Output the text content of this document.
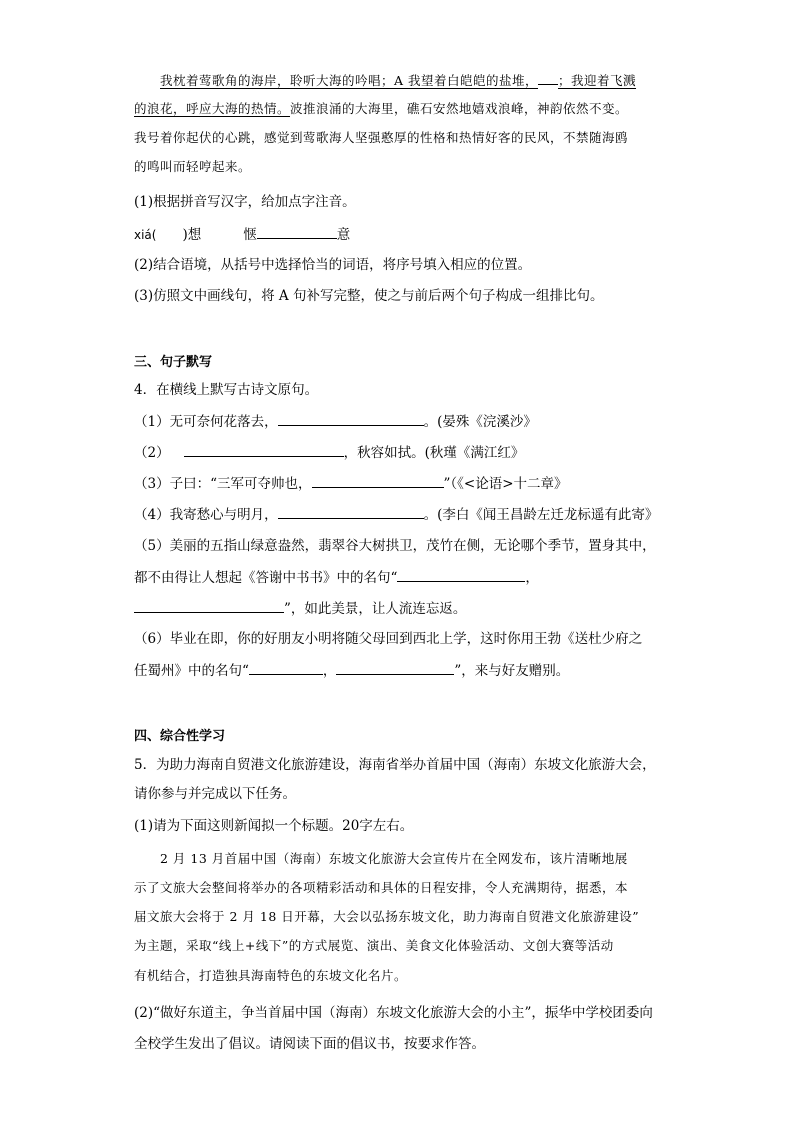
我枕着莺歌角的海岸，聆听大海的吟唱；A 我望着白皑皑的盐堆， ；我迎着飞溅
的浪花，呼应大海的热情。波推浪涌的大海里，礁石安然地嬉戏浪峰，神韵依然不变。
我号着你起伏的心跳，感觉到莺歌海人坚强憨厚的性格和热情好客的民风，不禁随海鸥
的鸣叫而轻哼起来。
(1)根据拼音写汉字，给加点字注音。
xiá( )想	惬	意
(2)结合语境，从括号中选择恰当的词语，将序号填入相应的位置。
(3)仿照文中画线句，将 A 句补写完整，使之与前后两个句子构成一组排比句。
三、句子默写
4．在横线上默写古诗文原句。
（1）无可奈何花落去，	。(晏殊《浣溪沙》
（2）	，秋容如拭。(秋瑾《满江红》
（3）子曰：“三军可夺帅也，	”（《<论语>十二章》
（4）我寄愁心与明月，	。(李白《闻王昌龄左迁龙标遥有此寄》
（5）美丽的五指山绿意盎然，翡翠谷大树拱卫，茂竹在侧，无论哪个季节，置身其中，
都不由得让人想起《答谢中书书》中的名句“	，
”，如此美景，让人流连忘返。
（6）毕业在即，你的好朋友小明将随父母回到西北上学，这时你用王勃《送杜少府之
任蜀州》中的名句“	，	”，来与好友赠别。
四、综合性学习
5．为助力海南自贸港文化旅游建设，海南省举办首届中国（海南）东坡文化旅游大会，
请你参与并完成以下任务。
(1)请为下面这则新闻拟一个标题。20字左右。
2 月 13 月首届中国（海南）东坡文化旅游大会宣传片在全网发布，该片清晰地展
示了文旅大会整间将举办的各项精彩活动和具体的日程安排，令人充满期待，据悉，本
届文旅大会将于 2 月 18 日开幕，大会以弘扬东坡文化，助力海南自贸港文化旅游建设”
为主题，采取“线上+线下”的方式展览、演出、美食文化体验活动、文创大赛等活动
有机结合，打造独具海南特色的东坡文化名片。
(2)“做好东道主，争当首届中国（海南）东坡文化旅游大会的小主”，振华中学校团委向
全校学生发出了倡议。请阅读下面的倡议书，按要求作答。
